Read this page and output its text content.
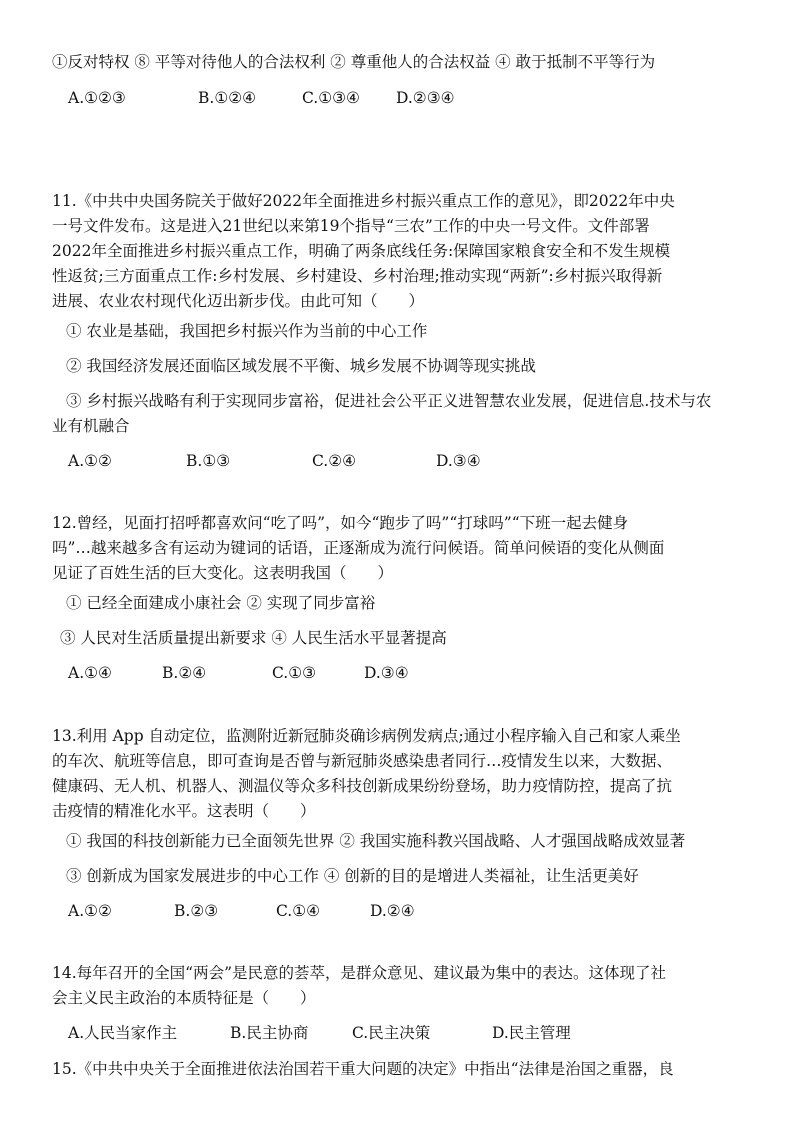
①反对特权 ⑧ 平等对待他人的合法权利 ② 尊重他人的合法权益 ④ 敢于抵制不平等行为
11.《中共中央国务院关于做好2022年全面推进乡村振兴重点工作的意见》，即2022年中央
一号文件发布。这是进入21世纪以来第19个指导“三农”工作的中央一号文件。文件部署
2022年全面推进乡村振兴重点工作，明确了两条底线任务:保障国家粮食安全和不发生规模
性返贫;三方面重点工作:乡村发展、乡村建设、乡村治理;推动实现“两新”:乡村振兴取得新
进展、农业农村现代化迈出新步伐。由此可知（　　）
① 农业是基础，我国把乡村振兴作为当前的中心工作
② 我国经济发展还面临区域发展不平衡、城乡发展不协调等现实挑战
③ 乡村振兴战略有利于实现同步富裕，促进社会公平正义进智慧农业发展，促进信息.技术与农
业有机融合
12.曾经，见面打招呼都喜欢问“吃了吗”，如今“跑步了吗”“打球吗”“下班一起去健身
吗”…越来越多含有运动为键词的话语，正逐渐成为流行问候语。简单问候语的变化从侧面
见证了百姓生活的巨大变化。这表明我国（　　）
① 已经全面建成小康社会 ② 实现了同步富裕
③ 人民对生活质量提出新要求 ④ 人民生活水平显著提高
13.利用 App 自动定位，监测附近新冠肺炎确诊病例发病点;通过小程序输入自己和家人乘坐
的车次、航班等信息，即可查询是否曾与新冠肺炎感染患者同行…疫情发生以来，大数据、
健康码、无人机、机器人、测温仪等众多科技创新成果纷纷登场，助力疫情防控，提高了抗
击疫情的精准化水平。这表明（　　）
① 我国的科技创新能力已全面领先世界 ② 我国实施科教兴国战略、人才强国战略成效显著
③ 创新成为国家发展进步的中心工作 ④ 创新的目的是增进人类福祉，让生活更美好
14.每年召开的全国“两会”是民意的荟萃，是群众意见、建议最为集中的表达。这体现了社
会主义民主政治的本质特征是（　　）
15.《中共中央关于全面推进依法治国若干重大问题的决定》中指出“法律是治国之重器，良
A.①②③	B.①②④	C.①③④ D.②③④
A.①②	B.①③	C.②④	D.③④
A.①④	B.②④	C.①③	D.③④
A.①②	B.②③	C.①④	D.②④
A.人民当家作主	B.民主协商	C.民主决策	D.民主管理
